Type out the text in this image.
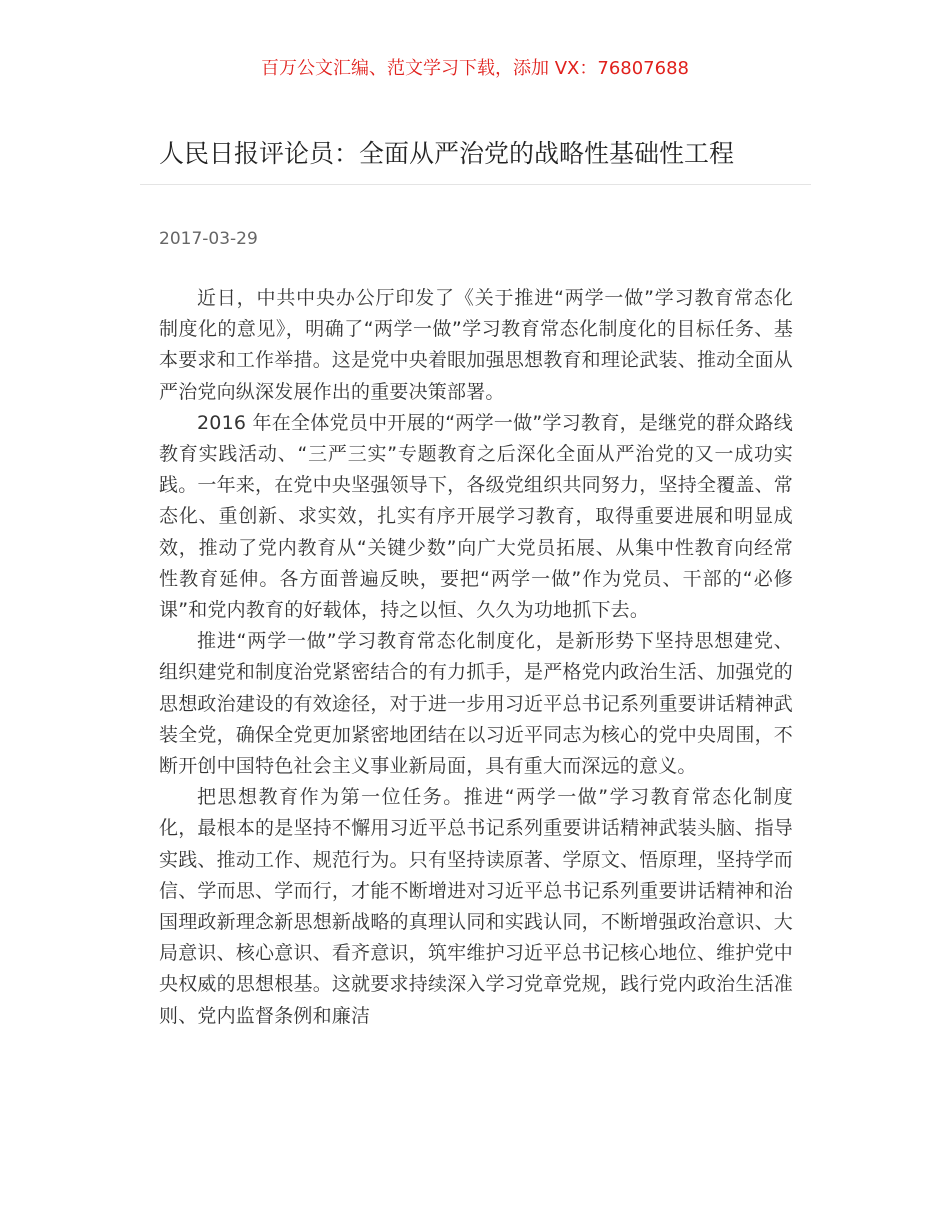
百万公文汇编、范文学习下载，添加 VX：76807688
人民日报评论员：全面从严治党的战略性基础性工程
2017-03-29

近日，中共中央办公厅印发了《关于推进“两学一做”学习教育常态化制度化的意见》，明确了“两学一做”学习教育常态化制度化的目标任务、基本要求和工作举措。这是党中央着眼加强思想教育和理论武装、推动全面从严治党向纵深发展作出的重要决策部署。

2016 年在全体党员中开展的“两学一做”学习教育，是继党的群众路线教育实践活动、“三严三实”专题教育之后深化全面从严治党的又一成功实践。一年来，在党中央坚强领导下，各级党组织共同努力，坚持全覆盖、常态化、重创新、求实效，扎实有序开展学习教育，取得重要进展和明显成效，推动了党内教育从“关键少数”向广大党员拓展、从集中性教育向经常性教育延伸。各方面普遍反映，要把“两学一做”作为党员、干部的“必修课”和党内教育的好载体，持之以恒、久久为功地抓下去。

推进“两学一做”学习教育常态化制度化，是新形势下坚持思想建党、组织建党和制度治党紧密结合的有力抓手，是严格党内政治生活、加强党的思想政治建设的有效途径，对于进一步用习近平总书记系列重要讲话精神武装全党，确保全党更加紧密地团结在以习近平同志为核心的党中央周围，不断开创中国特色社会主义事业新局面，具有重大而深远的意义。

把思想教育作为第一位任务。推进“两学一做”学习教育常态化制度化，最根本的是坚持不懈用习近平总书记系列重要讲话精神武装头脑、指导实践、推动工作、规范行为。只有坚持读原著、学原文、悟原理，坚持学而信、学而思、学而行，才能不断增进对习近平总书记系列重要讲话精神和治国理政新理念新思想新战略的真理认同和实践认同，不断增强政治意识、大局意识、核心意识、看齐意识，筑牢维护习近平总书记核心地位、维护党中央权威的思想根基。这就要求持续深入学习党章党规，践行党内政治生活准则、党内监督条例和廉洁
